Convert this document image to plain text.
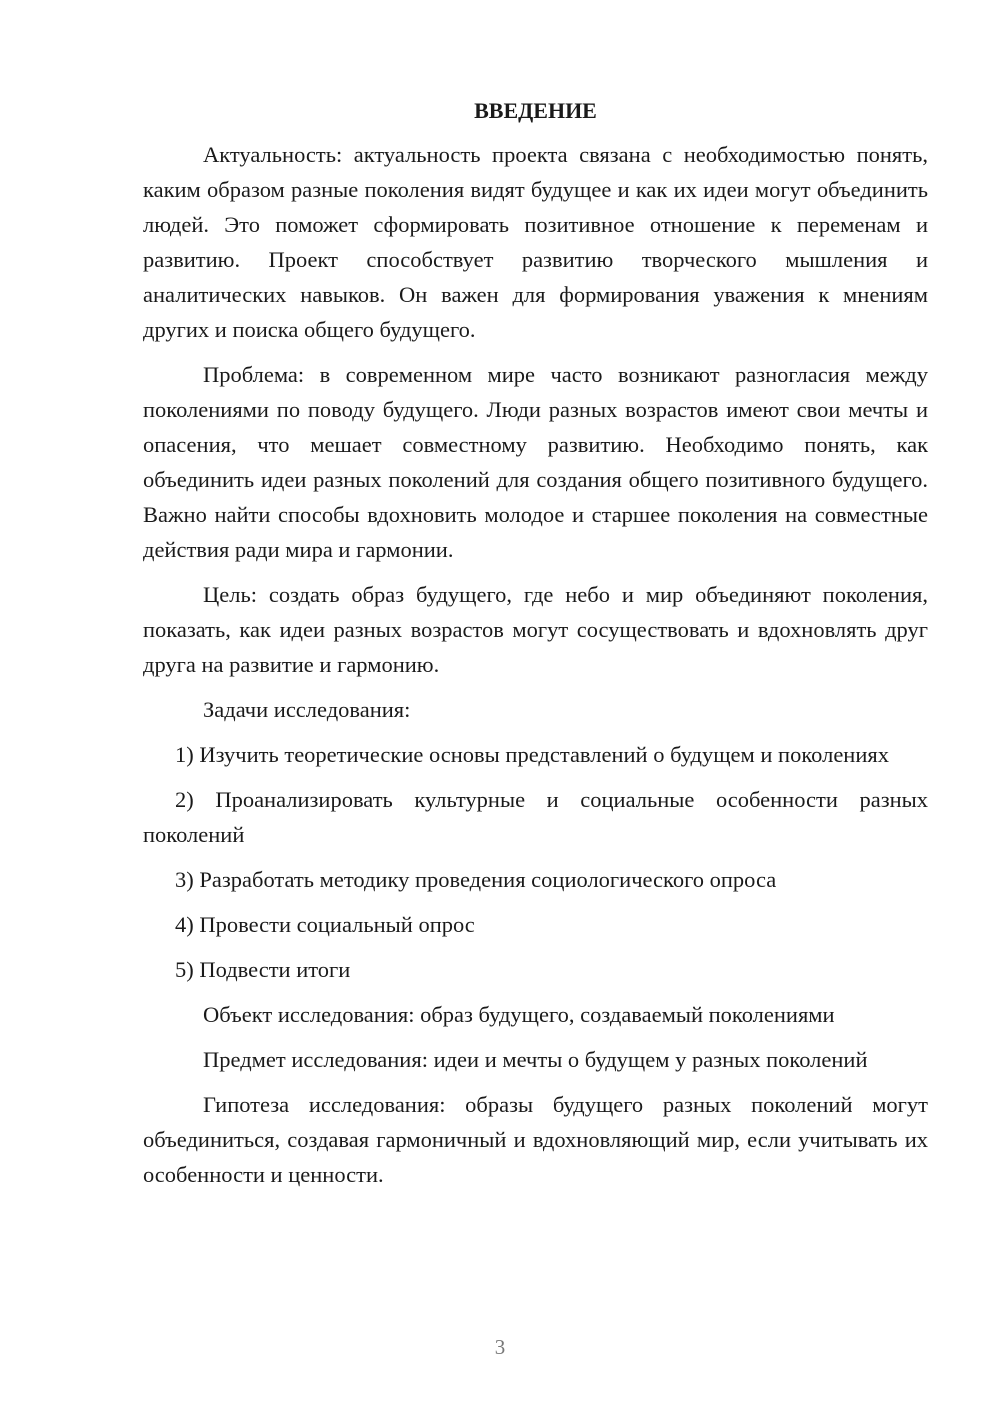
ВВЕДЕНИЕ

Актуальность: актуальность проекта связана с необходимостью понять, каким образом разные поколения видят будущее и как их идеи могут объединить людей. Это поможет сформировать позитивное отношение к переменам и развитию. Проект способствует развитию творческого мышления и аналитических навыков. Он важен для формирования уважения к мнениям других и поиска общего будущего.

Проблема: в современном мире часто возникают разногласия между поколениями по поводу будущего. Люди разных возрастов имеют свои мечты и опасения, что мешает совместному развитию. Необходимо понять, как объединить идеи разных поколений для создания общего позитивного будущего. Важно найти способы вдохновить молодое и старшее поколения на совместные действия ради мира и гармонии.

Цель: создать образ будущего, где небо и мир объединяют поколения, показать, как идеи разных возрастов могут сосуществовать и вдохновлять друг друга на развитие и гармонию.

Задачи исследования:

1) Изучить теоретические основы представлений о будущем и поколениях

2) Проанализировать культурные и социальные особенности разных поколений

3) Разработать методику проведения социологического опроса

4) Провести социальный опрос

5) Подвести итоги

Объект исследования: образ будущего, создаваемый поколениями

Предмет исследования: идеи и мечты о будущем у разных поколений

Гипотеза исследования: образы будущего разных поколений могут объединиться, создавая гармоничный и вдохновляющий мир, если учитывать их особенности и ценности.

3
